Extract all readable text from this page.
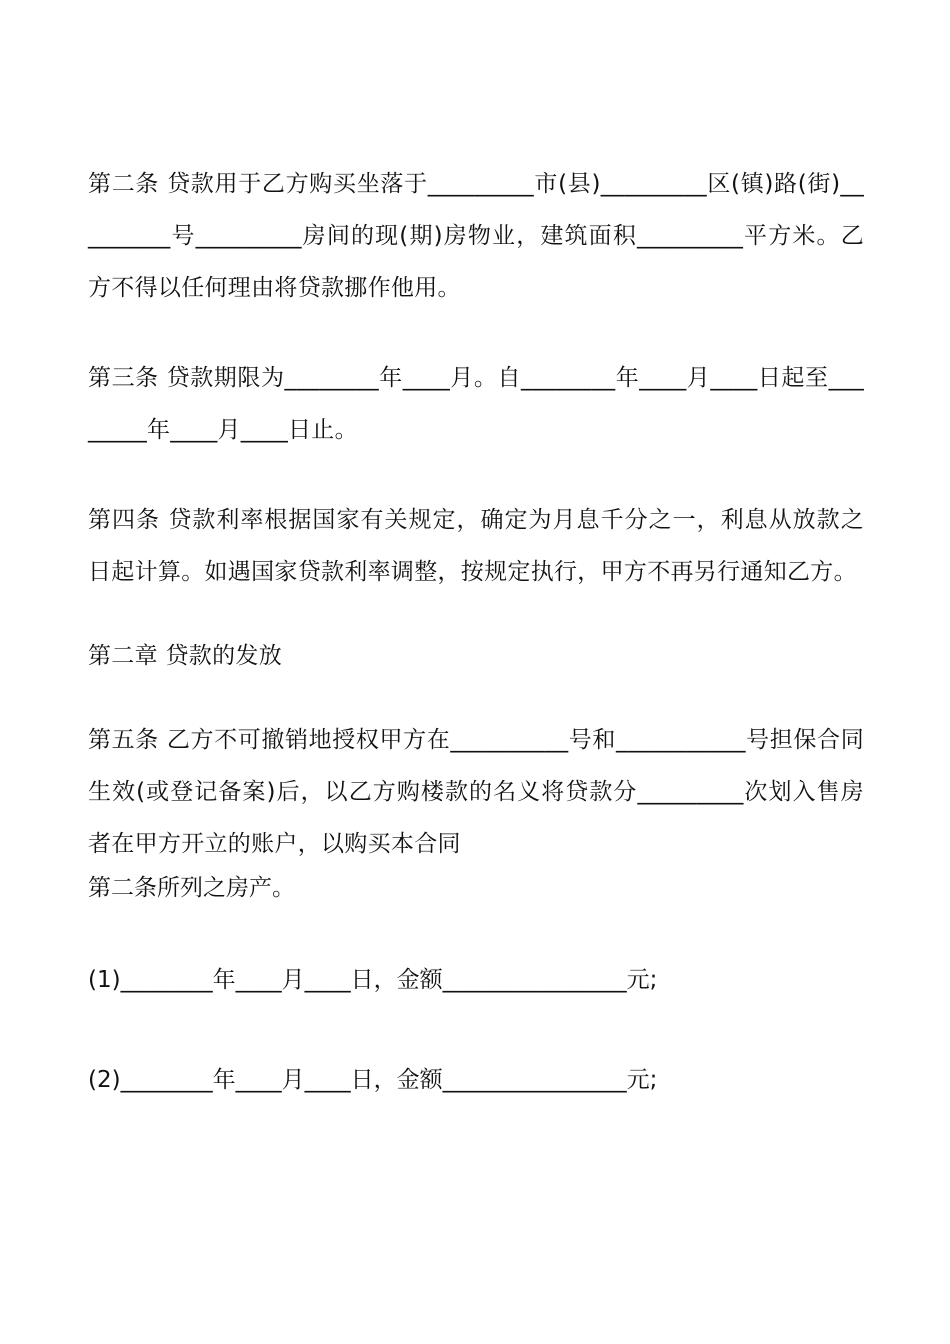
第二条 贷款用于乙方购买坐落于_________市(县)_________区(镇)路(街)_________号_________房间的现(期)房物业，建筑面积_________平方米。乙方不得以任何理由将贷款挪作他用。

第三条 贷款期限为________年____月。自________年____月____日起至________年____月____日止。

第四条 贷款利率根据国家有关规定，确定为月息千分之一，利息从放款之日起计算。如遇国家贷款利率调整，按规定执行，甲方不再另行通知乙方。

第二章 贷款的发放

第五条 乙方不可撤销地授权甲方在__________号和___________号担保合同生效(或登记备案)后，以乙方购楼款的名义将贷款分_________次划入售房者在甲方开立的账户，以购买本合同

第二条所列之房产。

(1)________年____月____日，金额________________元;

(2)________年____月____日，金额________________元;
